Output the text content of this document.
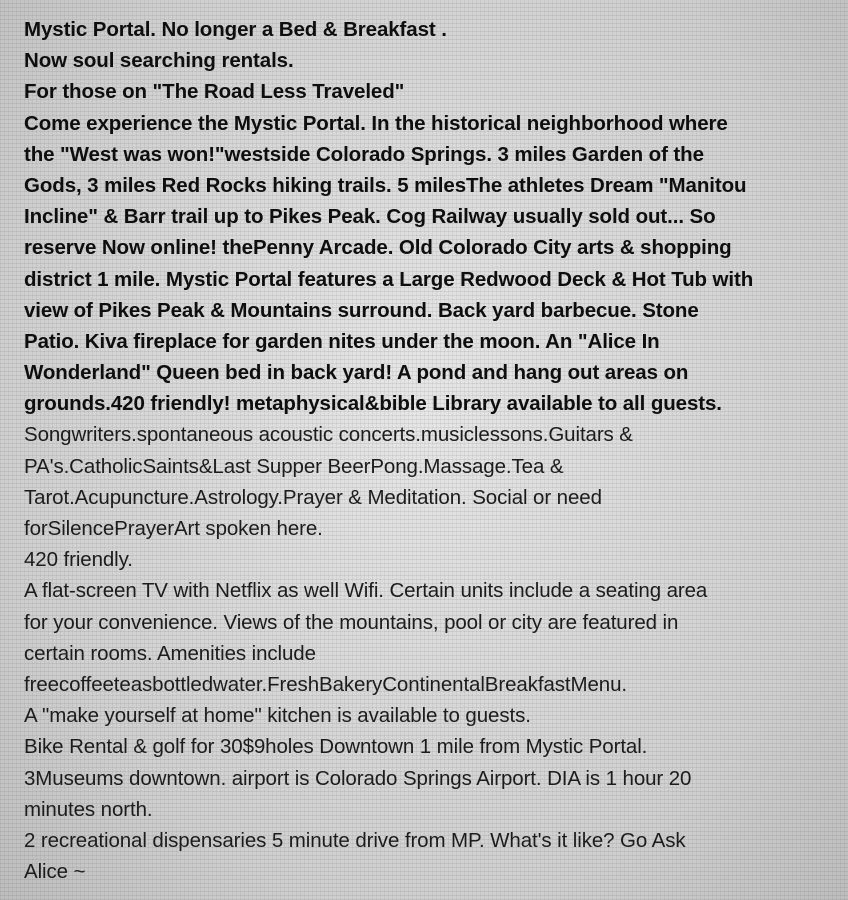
Mystic Portal. No longer a Bed & Breakfast .
Now soul searching rentals.
For those on "The Road Less Traveled"
Come experience the Mystic Portal. In the historical neighborhood where
the "West was won!"westside Colorado Springs. 3 miles Garden of the
Gods, 3 miles Red Rocks hiking trails. 5 milesThe athletes Dream "Manitou
Incline" & Barr trail up to Pikes Peak. Cog Railway usually sold out... So
reserve Now online! thePenny Arcade. Old Colorado City arts & shopping
district 1 mile. Mystic Portal features a Large Redwood Deck & Hot Tub with
view of Pikes Peak & Mountains surround. Back yard barbecue. Stone
Patio. Kiva fireplace for garden nites under the moon. An "Alice In
Wonderland" Queen bed in back yard! A pond and hang out areas on
grounds.420 friendly! metaphysical&bible Library available to all guests.
Songwriters.spontaneous acoustic concerts.musiclessons.Guitars &
PA's.CatholicSaints&Last Supper BeerPong.Massage.Tea &
Tarot.Acupuncture.Astrology.Prayer & Meditation. Social or need
forSilencePrayerArt spoken here.
420 friendly.
A flat-screen TV with Netflix as well Wifi. Certain units include a seating area
for your convenience. Views of the mountains, pool or city are featured in
certain rooms. Amenities include
freecoffeeteasbottledwater.FreshBakeryContinentalBreakfastMenu.
A "make yourself at home" kitchen is available to guests.
Bike Rental & golf for 30$9holes Downtown 1 mile from Mystic Portal.
3Museums downtown. airport is Colorado Springs Airport. DIA is 1 hour 20
minutes north.
2 recreational dispensaries 5 minute drive from MP. What's it like? Go Ask
Alice ~
